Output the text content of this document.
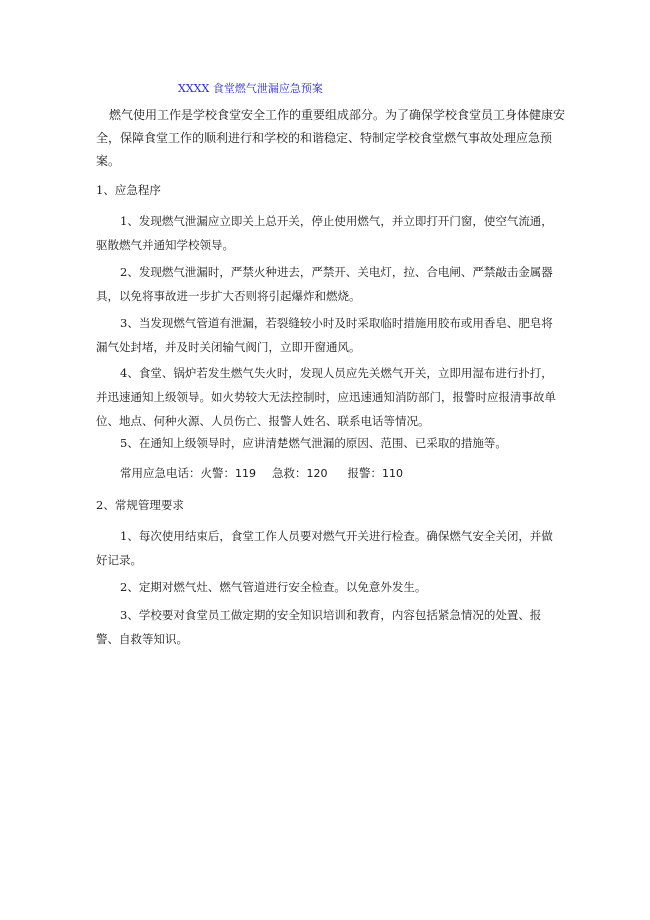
XXXX 食堂燃气泄漏应急预案
燃气使用工作是学校食堂安全工作的重要组成部分。为了确保学校食堂员工身体健康安全，保障食堂工作的顺利进行和学校的和谐稳定、特制定学校食堂燃气事故处理应急预案。
1、应急程序
1、发现燃气泄漏应立即关上总开关，停止使用燃气，并立即打开门窗，使空气流通，驱散燃气并通知学校领导。
2、发现燃气泄漏时，严禁火种进去，严禁开、关电灯，拉、合电闸、严禁敲击金属器具，以免将事故进一步扩大否则将引起爆炸和燃烧。
3、当发现燃气管道有泄漏，若裂缝较小时及时采取临时措施用胶布或用香皂、肥皂将漏气处封堵，并及时关闭输气阀门，立即开窗通风。
4、食堂、锅炉若发生燃气失火时，发现人员应先关燃气开关，立即用湿布进行扑打，并迅速通知上级领导。如火势较大无法控制时，应迅速通知消防部门，报警时应报清事故单位、地点、何种火源、人员伤亡、报警人姓名、联系电话等情况。
5、在通知上级领导时，应讲清楚燃气泄漏的原因、范围、已采取的措施等。
常用应急电话：火警：119 急救：120 报警：110
2、常规管理要求
1、每次使用结束后，食堂工作人员要对燃气开关进行检查。确保燃气安全关闭，并做好记录。
2、定期对燃气灶、燃气管道进行安全检查。以免意外发生。
3、学校要对食堂员工做定期的安全知识培训和教育，内容包括紧急情况的处置、报警、自救等知识。
